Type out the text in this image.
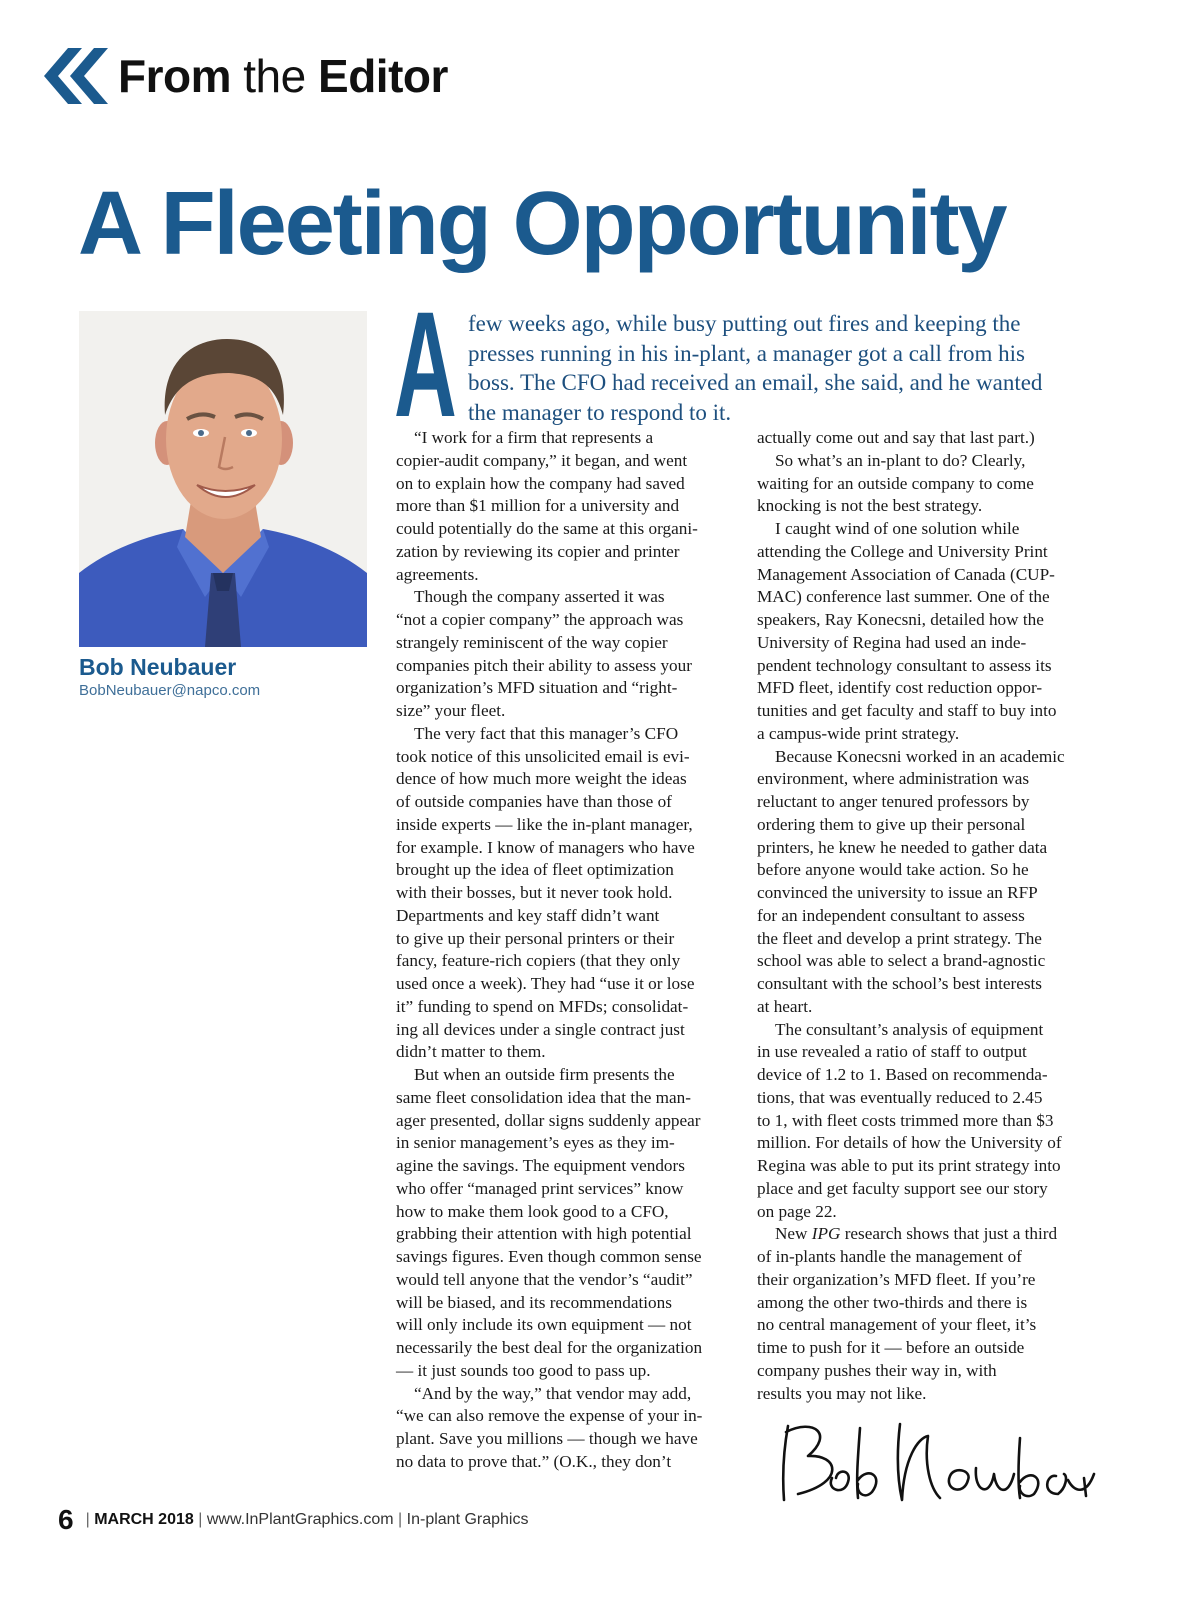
From the Editor
A Fleeting Opportunity
Bob Neubauer
BobNeubauer@napco.com
A few weeks ago, while busy putting out fires and keeping the
presses running in his in-plant, a manager got a call from his
boss. The CFO had received an email, she said, and he wanted
the manager to respond to it.
“I work for a firm that represents a
copier-audit company,” it began, and went
on to explain how the company had saved
more than $1 million for a university and
could potentially do the same at this organi-
zation by reviewing its copier and printer
agreements.
Though the company asserted it was
“not a copier company” the approach was
strangely reminiscent of the way copier
companies pitch their ability to assess your
organization’s MFD situation and “right-
size” your fleet.
The very fact that this manager’s CFO
took notice of this unsolicited email is evi-
dence of how much more weight the ideas
of outside companies have than those of
inside experts — like the in-plant manager,
for example. I know of managers who have
brought up the idea of fleet optimization
with their bosses, but it never took hold.
Departments and key staff didn’t want
to give up their personal printers or their
fancy, feature-rich copiers (that they only
used once a week). They had “use it or lose
it” funding to spend on MFDs; consolidat-
ing all devices under a single contract just
didn’t matter to them.
But when an outside firm presents the
same fleet consolidation idea that the man-
ager presented, dollar signs suddenly appear
in senior management’s eyes as they im-
agine the savings. The equipment vendors
who offer “managed print services” know
how to make them look good to a CFO,
grabbing their attention with high potential
savings figures. Even though common sense
would tell anyone that the vendor’s “audit”
will be biased, and its recommendations
will only include its own equipment — not
necessarily the best deal for the organization
— it just sounds too good to pass up.
“And by the way,” that vendor may add,
“we can also remove the expense of your in-
plant. Save you millions — though we have
no data to prove that.” (O.K., they don’t
actually come out and say that last part.)
So what’s an in-plant to do? Clearly,
waiting for an outside company to come
knocking is not the best strategy.
I caught wind of one solution while
attending the College and University Print
Management Association of Canada (CUP-
MAC) conference last summer. One of the
speakers, Ray Konecsni, detailed how the
University of Regina had used an inde-
pendent technology consultant to assess its
MFD fleet, identify cost reduction oppor-
tunities and get faculty and staff to buy into
a campus-wide print strategy.
Because Konecsni worked in an academic
environment, where administration was
reluctant to anger tenured professors by
ordering them to give up their personal
printers, he knew he needed to gather data
before anyone would take action. So he
convinced the university to issue an RFP
for an independent consultant to assess
the fleet and develop a print strategy. The
school was able to select a brand-agnostic
consultant with the school’s best interests
at heart.
The consultant’s analysis of equipment
in use revealed a ratio of staff to output
device of 1.2 to 1. Based on recommenda-
tions, that was eventually reduced to 2.45
to 1, with fleet costs trimmed more than $3
million. For details of how the University of
Regina was able to put its print strategy into
place and get faculty support see our story
on page 22.
New IPG research shows that just a third
of in-plants handle the management of
their organization’s MFD fleet. If you’re
among the other two-thirds and there is
no central management of your fleet, it’s
time to push for it — before an outside
company pushes their way in, with
results you may not like.
6 | MARCH 2018 | www.InPlantGraphics.com | In-plant Graphics
